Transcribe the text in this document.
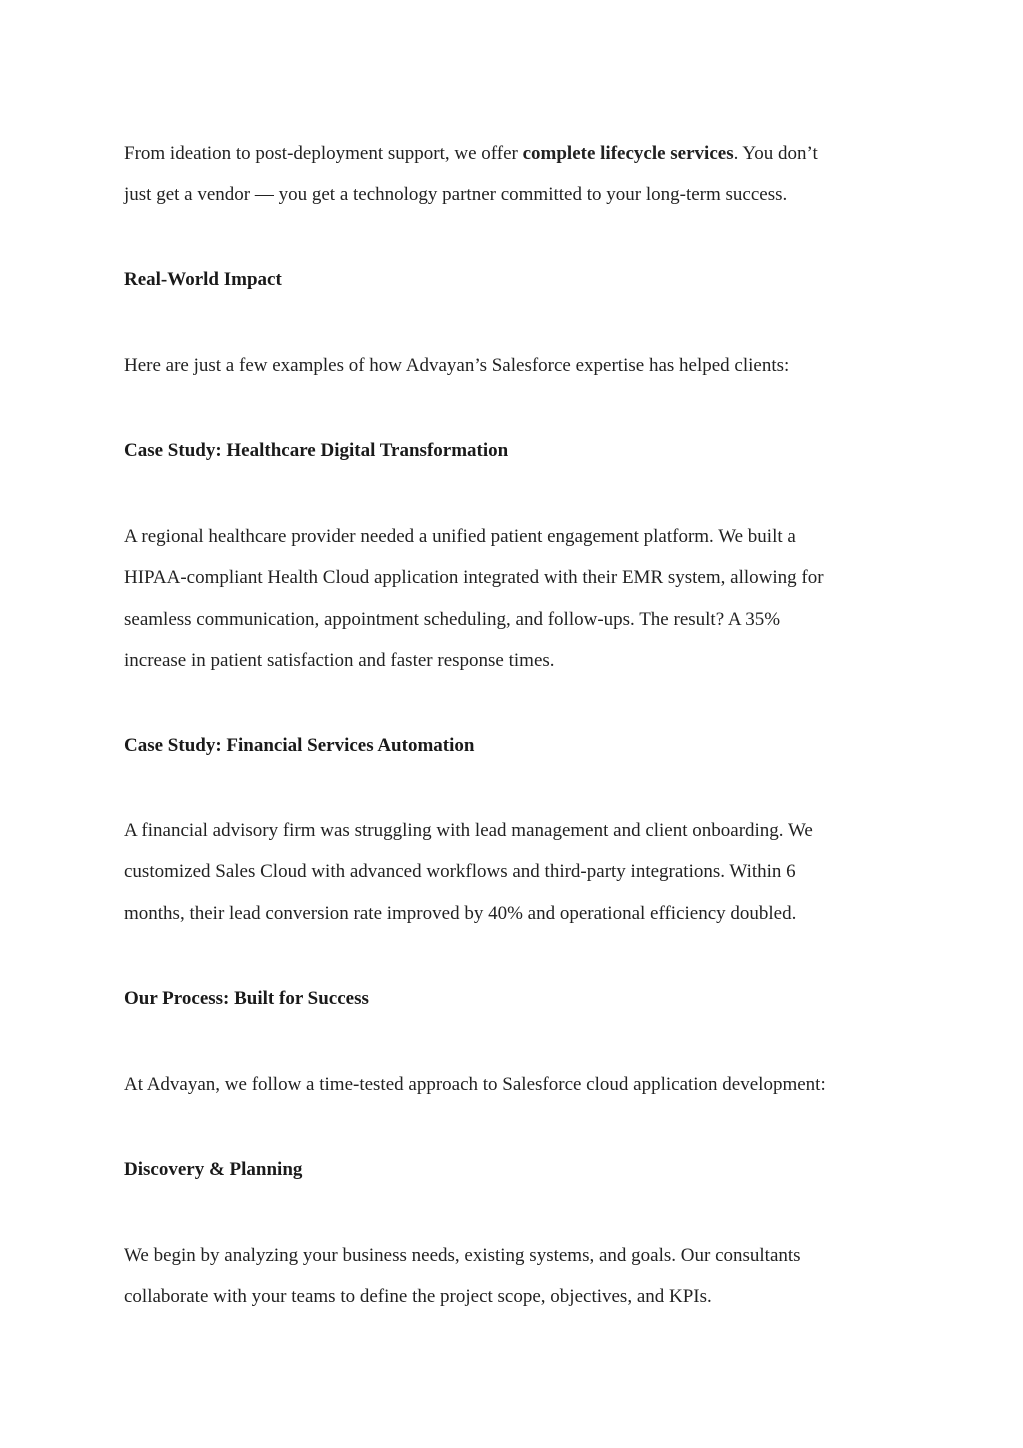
From ideation to post-deployment support, we offer complete lifecycle services. You don’t
just get a vendor — you get a technology partner committed to your long-term success.
Real-World Impact
Here are just a few examples of how Advayan’s Salesforce expertise has helped clients:
Case Study: Healthcare Digital Transformation
A regional healthcare provider needed a unified patient engagement platform. We built a
HIPAA-compliant Health Cloud application integrated with their EMR system, allowing for
seamless communication, appointment scheduling, and follow-ups. The result? A 35%
increase in patient satisfaction and faster response times.
Case Study: Financial Services Automation
A financial advisory firm was struggling with lead management and client onboarding. We
customized Sales Cloud with advanced workflows and third-party integrations. Within 6
months, their lead conversion rate improved by 40% and operational efficiency doubled.
Our Process: Built for Success
At Advayan, we follow a time-tested approach to Salesforce cloud application development:
Discovery & Planning
We begin by analyzing your business needs, existing systems, and goals. Our consultants
collaborate with your teams to define the project scope, objectives, and KPIs.
